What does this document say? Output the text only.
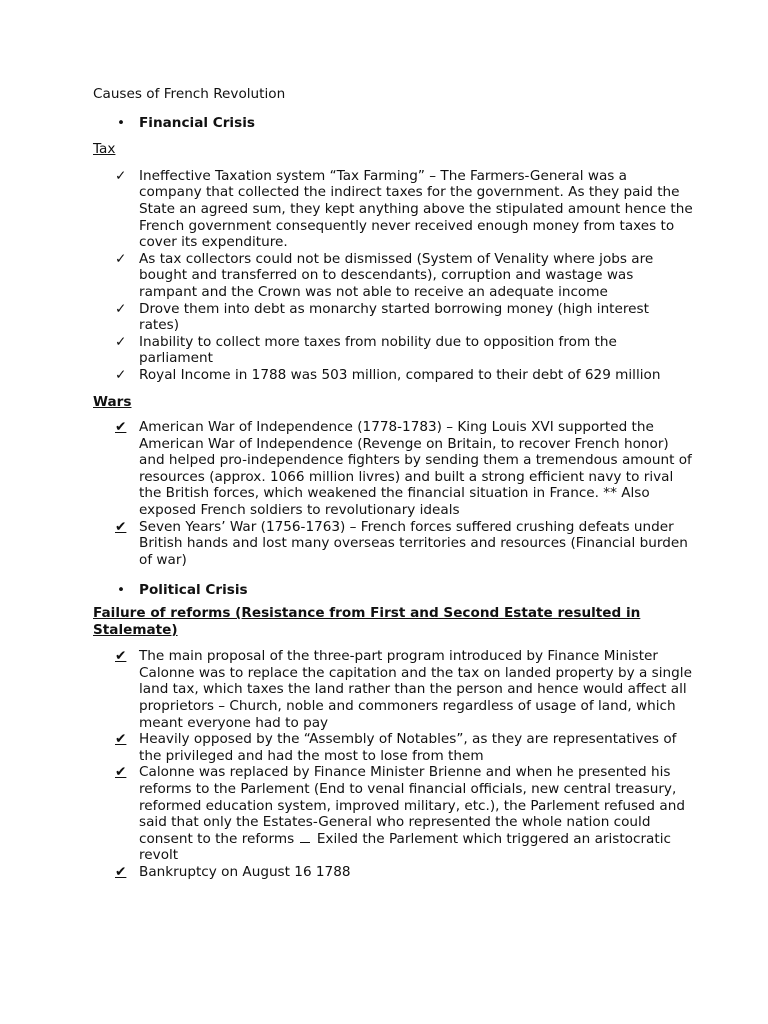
Causes of French Revolution
• Financial Crisis
Tax
✓ Ineffective Taxation system “Tax Farming” – The Farmers-General was a company that collected the indirect taxes for the government. As they paid the State an agreed sum, they kept anything above the stipulated amount hence the French government consequently never received enough money from taxes to cover its expenditure.
✓ As tax collectors could not be dismissed (System of Venality where jobs are bought and transferred on to descendants), corruption and wastage was rampant and the Crown was not able to receive an adequate income
✓ Drove them into debt as monarchy started borrowing money (high interest rates)
✓ Inability to collect more taxes from nobility due to opposition from the parliament
✓ Royal Income in 1788 was 503 million, compared to their debt of 629 million
Wars
✔ American War of Independence (1778-1783) – King Louis XVI supported the American War of Independence (Revenge on Britain, to recover French honor) and helped pro-independence fighters by sending them a tremendous amount of resources (approx. 1066 million livres) and built a strong efficient navy to rival the British forces, which weakened the financial situation in France. ** Also exposed French soldiers to revolutionary ideals
✔ Seven Years’ War (1756-1763) – French forces suffered crushing defeats under British hands and lost many overseas territories and resources (Financial burden of war)
• Political Crisis
Failure of reforms (Resistance from First and Second Estate resulted in Stalemate)
✔ The main proposal of the three-part program introduced by Finance Minister Calonne was to replace the capitation and the tax on landed property by a single land tax, which taxes the land rather than the person and hence would affect all proprietors – Church, noble and commoners regardless of usage of land, which meant everyone had to pay
✔ Heavily opposed by the “Assembly of Notables”, as they are representatives of the privileged and had the most to lose from them
✔ Calonne was replaced by Finance Minister Brienne and when he presented his reforms to the Parlement (End to venal financial officials, new central treasury, reformed education system, improved military, etc.), the Parlement refused and said that only the Estates-General who represented the whole nation could consent to the reforms Exiled the Parlement which triggered an aristocratic revolt
✔ Bankruptcy on August 16 1788
